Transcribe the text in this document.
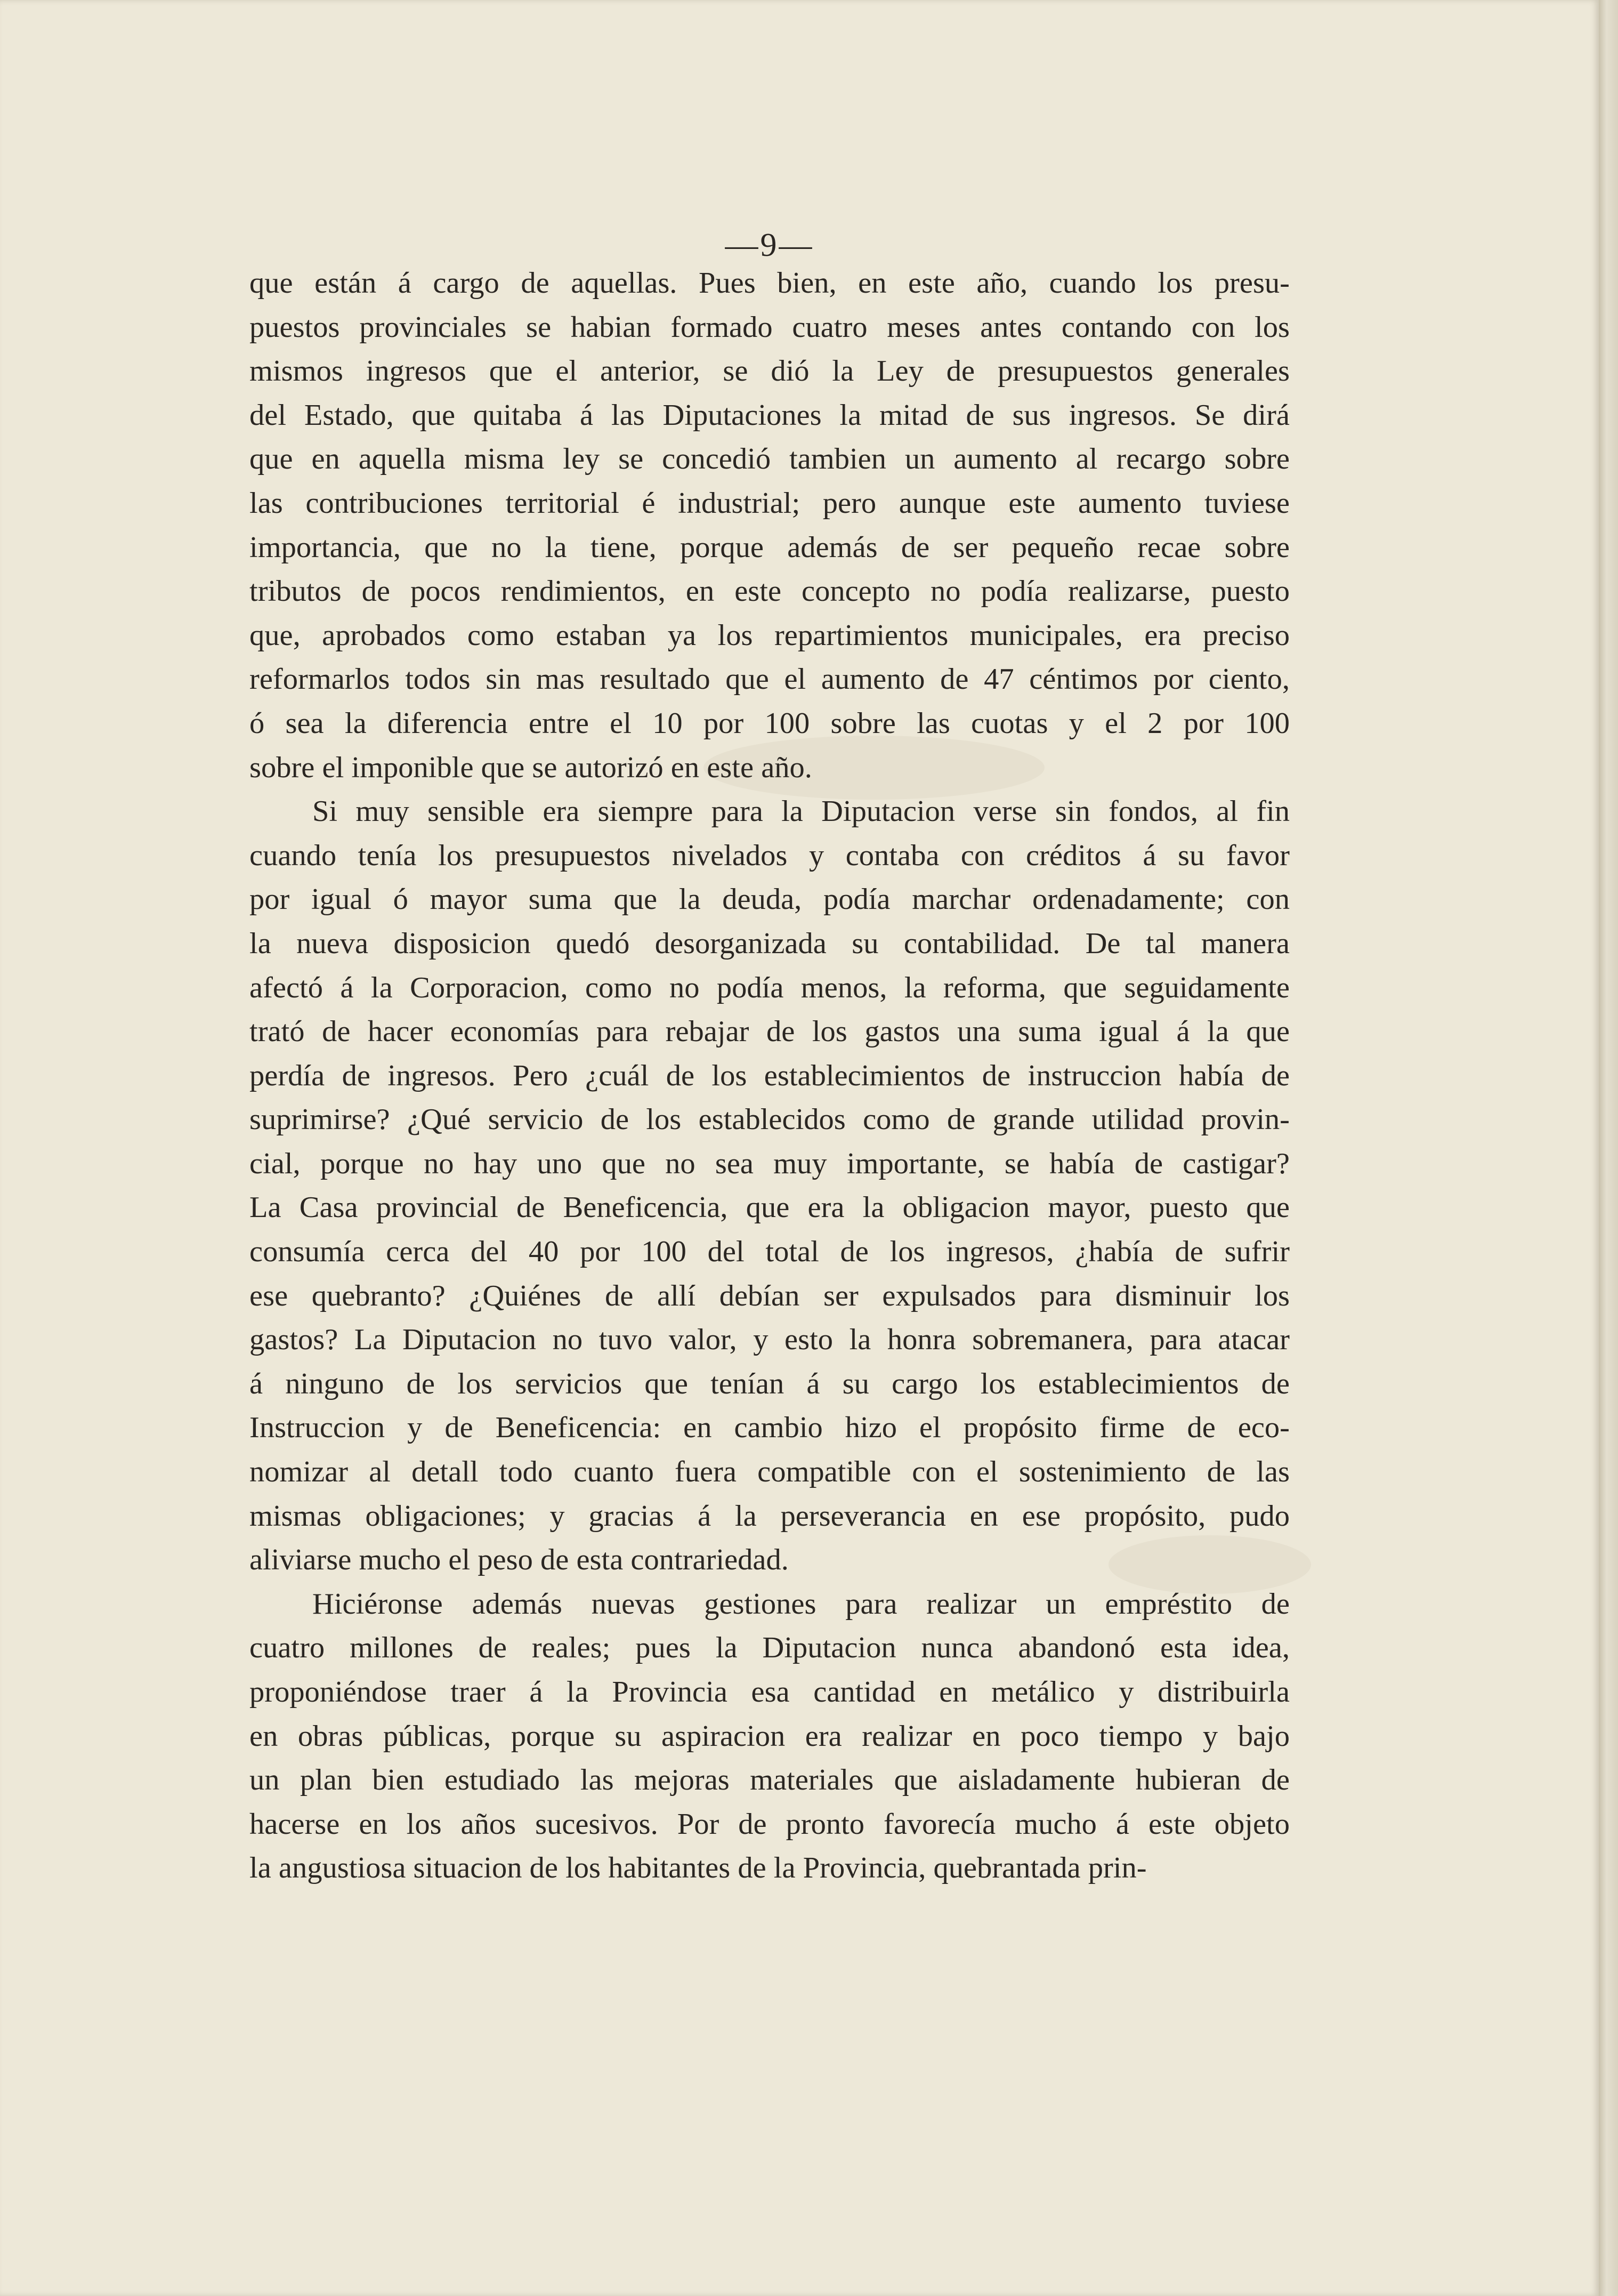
—9—

que están á cargo de aquellas. Pues bien, en este año, cuando los presu-
puestos provinciales se habian formado cuatro meses antes contando con los
mismos ingresos que el anterior, se dió la Ley de presupuestos generales
del Estado, que quitaba á las Diputaciones la mitad de sus ingresos. Se dirá
que en aquella misma ley se concedió tambien un aumento al recargo sobre
las contribuciones territorial é industrial; pero aunque este aumento tuviese
importancia, que no la tiene, porque además de ser pequeño recae sobre
tributos de pocos rendimientos, en este concepto no podía realizarse, puesto
que, aprobados como estaban ya los repartimientos municipales, era preciso
reformarlos todos sin mas resultado que el aumento de 47 céntimos por ciento,
ó sea la diferencia entre el 10 por 100 sobre las cuotas y el 2 por 100
sobre el imponible que se autorizó en este año.

Si muy sensible era siempre para la Diputacion verse sin fondos, al fin
cuando tenía los presupuestos nivelados y contaba con créditos á su favor
por igual ó mayor suma que la deuda, podía marchar ordenadamente; con
la nueva disposicion quedó desorganizada su contabilidad. De tal manera
afectó á la Corporacion, como no podía menos, la reforma, que seguidamente
trató de hacer economías para rebajar de los gastos una suma igual á la que
perdía de ingresos. Pero ¿cuál de los establecimientos de instruccion había de
suprimirse? ¿Qué servicio de los establecidos como de grande utilidad provin-
cial, porque no hay uno que no sea muy importante, se había de castigar?
La Casa provincial de Beneficencia, que era la obligacion mayor, puesto que
consumía cerca del 40 por 100 del total de los ingresos, ¿había de sufrir
ese quebranto? ¿Quiénes de allí debían ser expulsados para disminuir los
gastos? La Diputacion no tuvo valor, y esto la honra sobremanera, para atacar
á ninguno de los servicios que tenían á su cargo los establecimientos de
Instruccion y de Beneficencia: en cambio hizo el propósito firme de eco-
nomizar al detall todo cuanto fuera compatible con el sostenimiento de las
mismas obligaciones; y gracias á la perseverancia en ese propósito, pudo
aliviarse mucho el peso de esta contrariedad.

Hiciéronse además nuevas gestiones para realizar un empréstito de
cuatro millones de reales; pues la Diputacion nunca abandonó esta idea,
proponiéndose traer á la Provincia esa cantidad en metálico y distribuirla
en obras públicas, porque su aspiracion era realizar en poco tiempo y bajo
un plan bien estudiado las mejoras materiales que aisladamente hubieran de
hacerse en los años sucesivos. Por de pronto favorecía mucho á este objeto
la angustiosa situacion de los habitantes de la Provincia, quebrantada prin-
